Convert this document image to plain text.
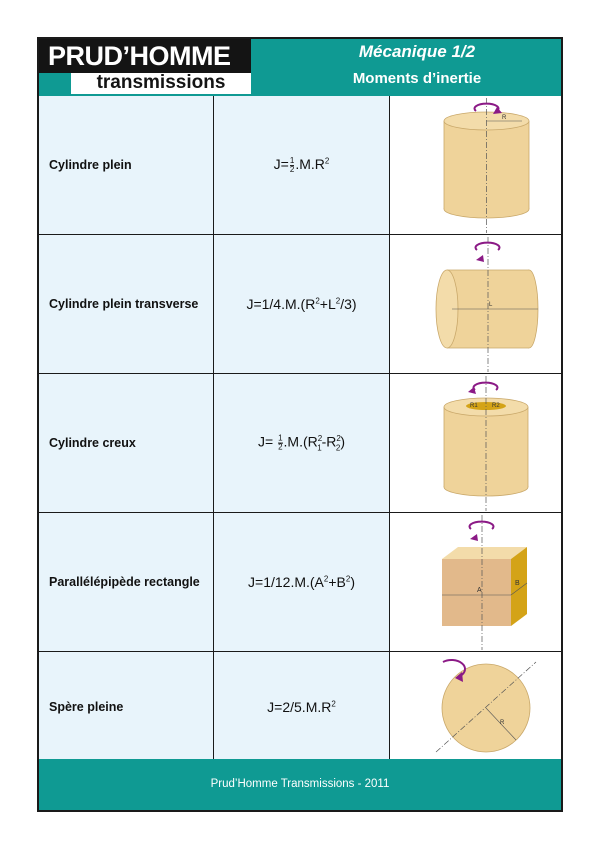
PRUD’HOMME
transmissions
Mécanique 1/2
Moments d’inertie
Cylindre plein	$J= \frac{1}{2} .M.R^2$
R
Cylindre plein transverse	$J=1/4.M.(R^2+L^2/3)$	L
Cylindre creux	$J= \frac{1}{2} .M.(R^2_1-R^2_2)$
R1 R2
Parallélépipède rectangle	$J=1/12.M.(A^2+B^2)$
A
B
Spère pleine	$J=2/5.M.R^2$
R
Prud’Homme Transmissions - 2011
